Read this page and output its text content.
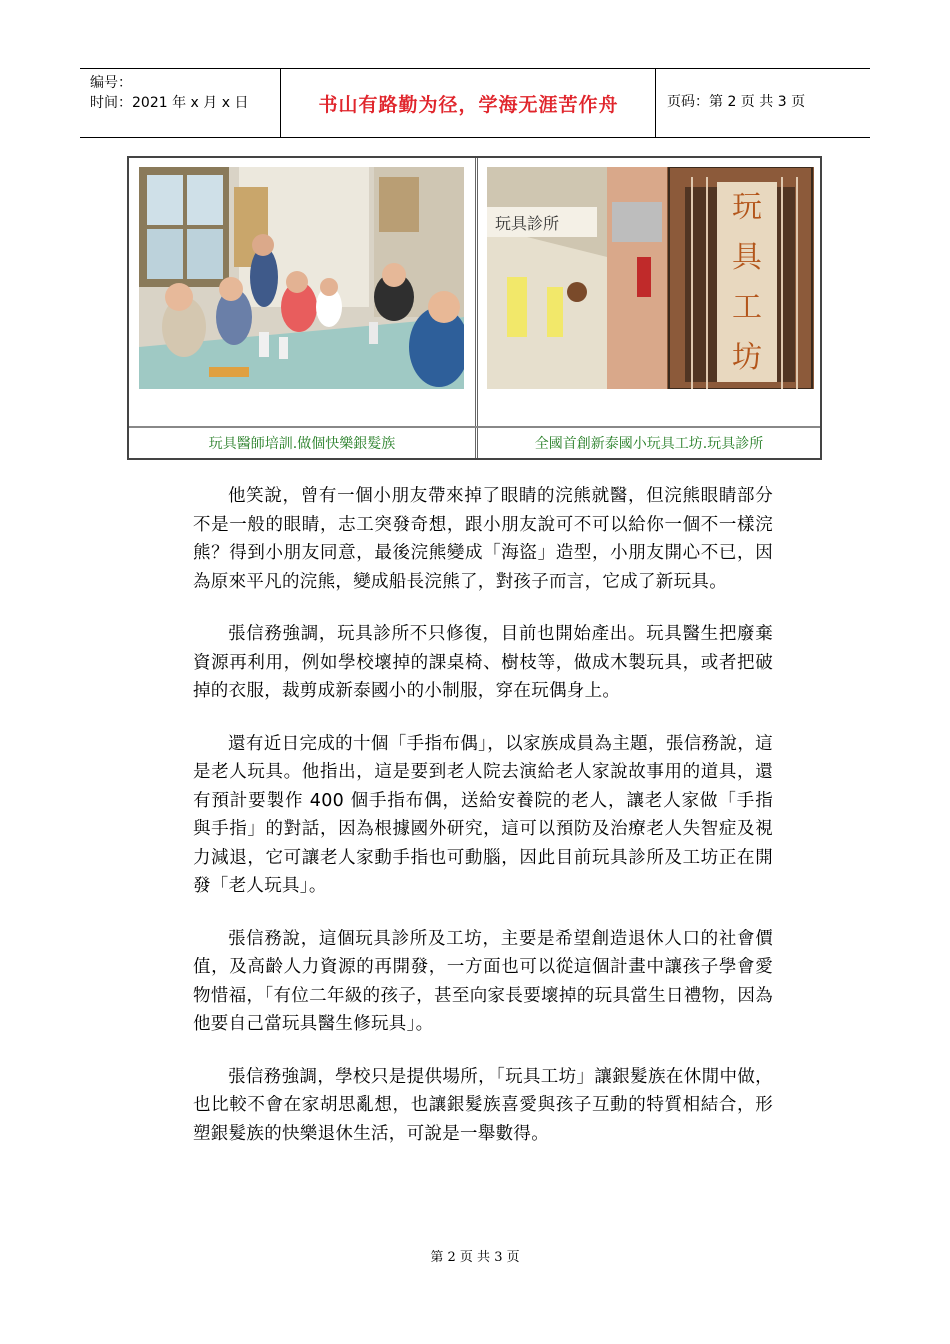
编号：
时间：2021 年 x 月 x 日	书山有路勤为径，学海无涯苦作舟	页码：第 2 页 共 3 页
玩具診所	玩
具
工
坊
玩具醫師培訓.做個快樂銀髮族	全國首創新泰國小玩具工坊.玩具診所

他笑說，曾有一個小朋友帶來掉了眼睛的浣熊就醫，但浣熊眼睛部分不是一般的眼睛，志工突發奇想，跟小朋友說可不可以給你一個不一樣浣熊？得到小朋友同意，最後浣熊變成「海盜」造型，小朋友開心不已，因為原來平凡的浣熊，變成船長浣熊了，對孩子而言，它成了新玩具。

張信務強調，玩具診所不只修復，目前也開始產出。玩具醫生把廢棄資源再利用，例如學校壞掉的課桌椅、樹枝等，做成木製玩具，或者把破掉的衣服，裁剪成新泰國小的小制服，穿在玩偶身上。

還有近日完成的十個「手指布偶」，以家族成員為主題，張信務說，這是老人玩具。他指出，這是要到老人院去演給老人家說故事用的道具，還有預計要製作 400 個手指布偶，送給安養院的老人，讓老人家做「手指與手指」的對話，因為根據國外研究，這可以預防及治療老人失智症及視力減退，它可讓老人家動手指也可動腦，因此目前玩具診所及工坊正在開發「老人玩具」。

張信務說，這個玩具診所及工坊，主要是希望創造退休人口的社會價值，及高齡人力資源的再開發，一方面也可以從這個計畫中讓孩子學會愛物惜福，「有位二年級的孩子，甚至向家長要壞掉的玩具當生日禮物，因為他要自己當玩具醫生修玩具」。

張信務強調，學校只是提供場所，「玩具工坊」讓銀髮族在休閒中做，也比較不會在家胡思亂想，也讓銀髮族喜愛與孩子互動的特質相結合，形塑銀髮族的快樂退休生活，可說是一舉數得。

第 2 页 共 3 页
